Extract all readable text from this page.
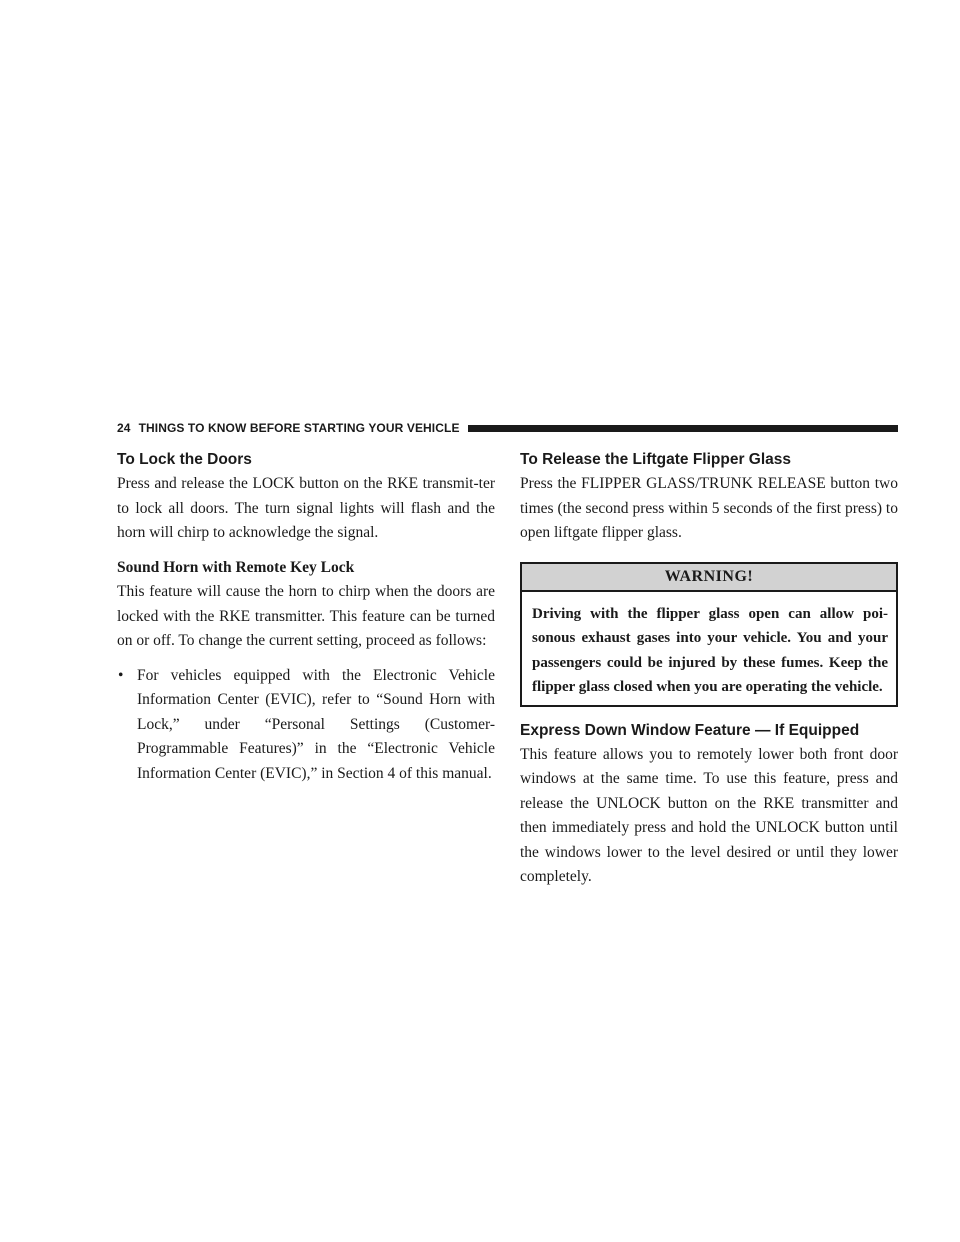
24 THINGS TO KNOW BEFORE STARTING YOUR VEHICLE
To Lock the Doors

Press and release the LOCK button on the RKE transmit-ter to lock all doors. The turn signal lights will flash and the horn will chirp to acknowledge the signal.

Sound Horn with Remote Key Lock

This feature will cause the horn to chirp when the doors are locked with the RKE transmitter. This feature can be turned on or off. To change the current setting, proceed as follows:

• For vehicles equipped with the Electronic Vehicle Information Center (EVIC), refer to “Sound Horn with Lock,” under “Personal Settings (Customer-Programmable Features)” in the “Electronic Vehicle Information Center (EVIC),” in Section 4 of this manual.
To Release the Liftgate Flipper Glass

Press the FLIPPER GLASS/TRUNK RELEASE button two times (the second press within 5 seconds of the first press) to open liftgate flipper glass.

WARNING!

Driving with the flipper glass open can allow poi-sonous exhaust gases into your vehicle. You and your passengers could be injured by these fumes. Keep the flipper glass closed when you are operating the vehicle.

Express Down Window Feature — If Equipped

This feature allows you to remotely lower both front door windows at the same time. To use this feature, press and release the UNLOCK button on the RKE transmitter and then immediately press and hold the UNLOCK button until the windows lower to the level desired or until they lower completely.
